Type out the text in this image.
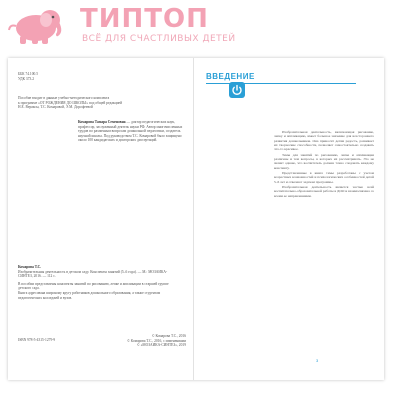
ТИПТОП
ВСЁ ДЛЯ СЧАСТЛИВЫХ ДЕТЕЙ
ББК 74.100.5
УДК 373.2
Пособие входит в данные учебно-методического комплекта
к программе «ОТ РОЖДЕНИЯ ДО ШКОЛЫ» под общей редакцией
Н.Е. Вераксы, Т.С. Комаровой, Э.М. Дорофеевой
Комарова Тамара Семеновна — доктор педагогических наук, профессор, заслуженный деятель науки РФ. Автор многочисленных трудов по различным вопросам дошкольной педагогики, создатель научной школы. Под руководством Т.С. Комаровой было защищено около 100 кандидатских и докторских диссертаций.
Комарова Т.С.
Изобразительная деятельность в детском саду. Конспекты занятий (5–6 года). — М.: МОЗАИКА-СИНТЕЗ, 2016. — 112 с.
В пособии представлены конспекты занятий по рисованию, лепке и аппликации в старшей группе детского сада.
Книга адресована широкому кругу работников дошкольного образования, а также студентам педагогических колледжей и вузов.
ISBN 978-5-4315-1279-9
© Комарова Т.С., 2016
© Комарова Т.С., 2016, с изменениями
© «МОЗАИКА-СИНТЕЗ», 2019
ВВЕДЕНИЕ

Изобразительная деятельность, включающая рисование, лепку и аппликацию, имеет большое значение для всестороннего развития дошкольников. Она приносит детям радость, развивает их творческие способности, позволяет самостоятельно создавать что-то красивое.

Темы для занятий по рисованию, лепке и аппликации различны и тем вопросы, в которых их рассматривать. Это не значит однако, что воспитатель должен точно следовать каждому конспекту.

Представленные в книге темы разработаны с учетом возрастных возможностей и психологических особенностей детей 5–6 лет и отвечают задачам программы.

Изобразительная деятельность является частью всей воспитательно-образовательной работы в ДОО и взаимосвязана со всеми ее направлениями.

3
